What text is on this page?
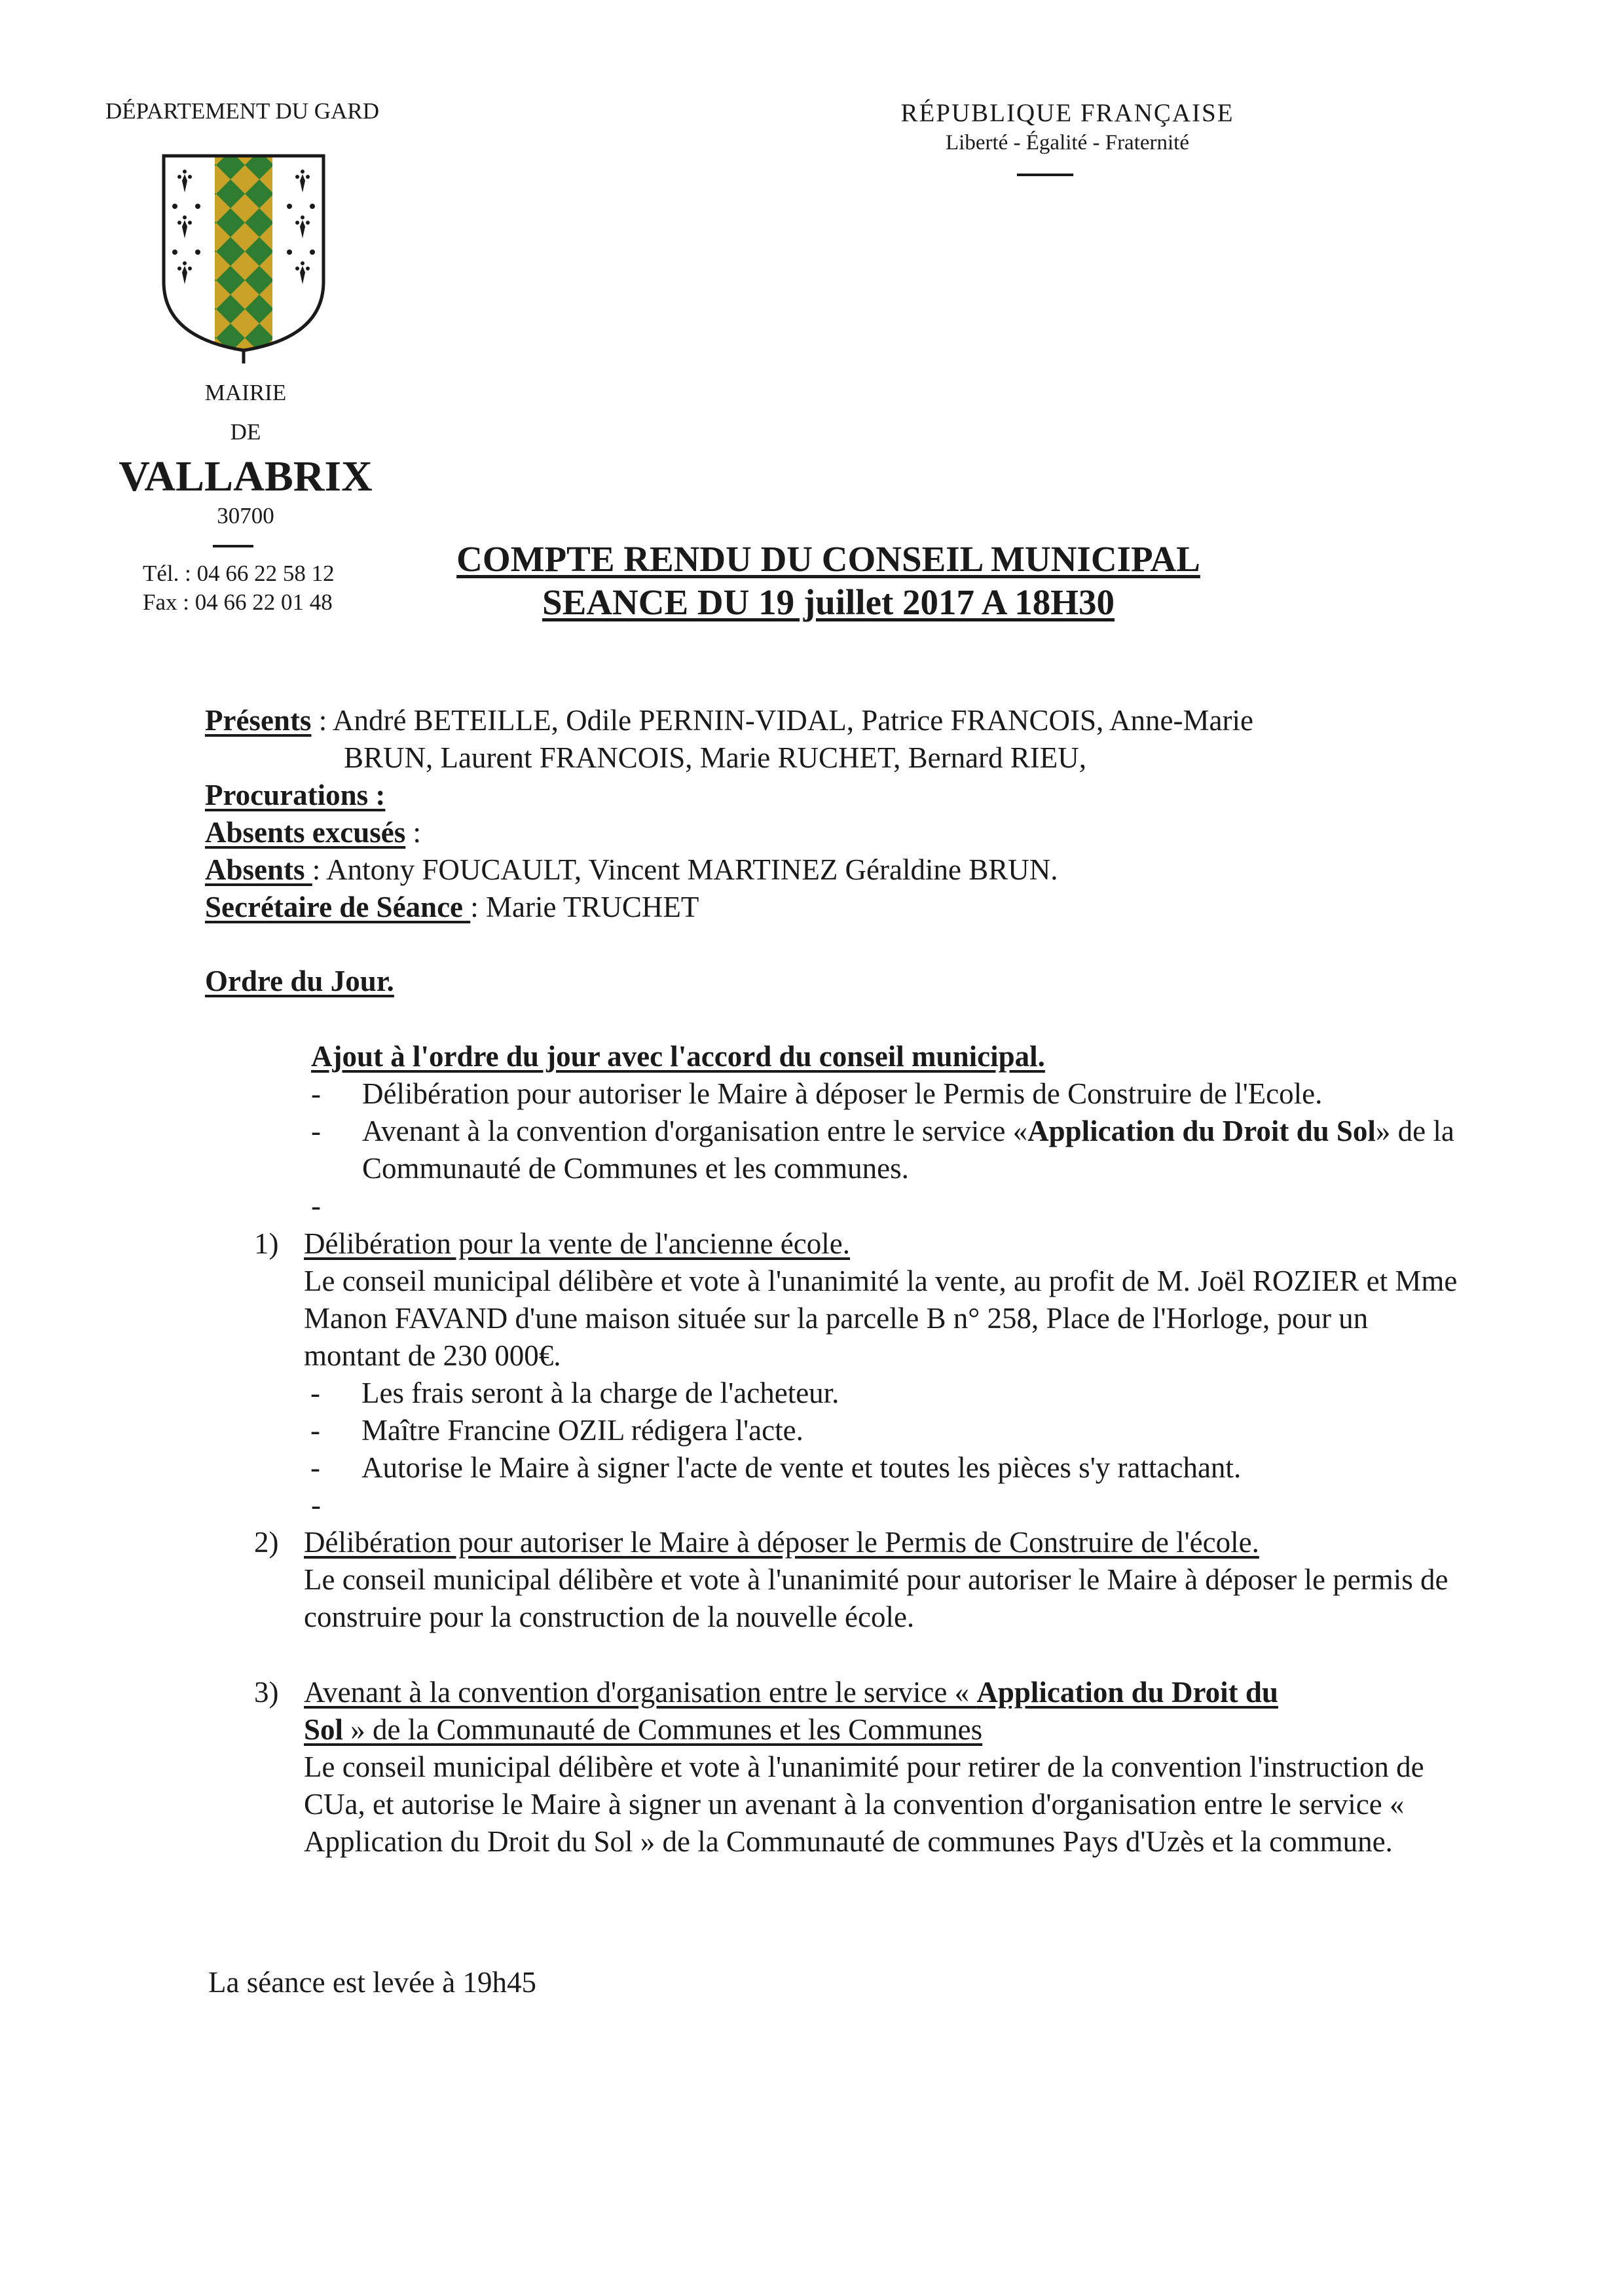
DÉPARTEMENT DU GARD
MAIRIE
DE
VALLABRIX
30700
Tél. : 04 66 22 58 12
Fax : 04 66 22 01 48
RÉPUBLIQUE FRANÇAISE
Liberté - Égalité - Fraternité
COMPTE RENDU DU CONSEIL MUNICIPAL
SEANCE DU 19 juillet 2017 A 18H30
Présents : André BETEILLE, Odile PERNIN-VIDAL, Patrice FRANCOIS, Anne-Marie
BRUN, Laurent FRANCOIS, Marie RUCHET, Bernard RIEU,
Procurations :
Absents excusés :
Absents : Antony FOUCAULT, Vincent MARTINEZ Géraldine BRUN.
Secrétaire de Séance : Marie TRUCHET
Ordre du Jour.
Ajout à l'ordre du jour avec l'accord du conseil municipal.
- Délibération pour autoriser le Maire à déposer le Permis de Construire de l'Ecole.
- Avenant à la convention d'organisation entre le service «Application du Droit du Sol» de la Communauté de Communes et les communes.
-
1) Délibération pour la vente de l'ancienne école.
Le conseil municipal délibère et vote à l'unanimité la vente, au profit de M. Joël ROZIER et Mme Manon FAVAND d'une maison située sur la parcelle B n° 258, Place de l'Horloge, pour un montant de 230 000€.
- Les frais seront à la charge de l'acheteur.
- Maître Francine OZIL rédigera l'acte.
- Autorise le Maire à signer l'acte de vente et toutes les pièces s'y rattachant.
-
2) Délibération pour autoriser le Maire à déposer le Permis de Construire de l'école.
Le conseil municipal délibère et vote à l'unanimité pour autoriser le Maire à déposer le permis de construire pour la construction de la nouvelle école.
3) Avenant à la convention d'organisation entre le service « Application du Droit du
Sol » de la Communauté de Communes et les Communes
Le conseil municipal délibère et vote à l'unanimité pour retirer de la convention l'instruction de CUa, et autorise le Maire à signer un avenant à la convention d'organisation entre le service « Application du Droit du Sol » de la Communauté de communes Pays d'Uzès et la commune.
La séance est levée à 19h45
